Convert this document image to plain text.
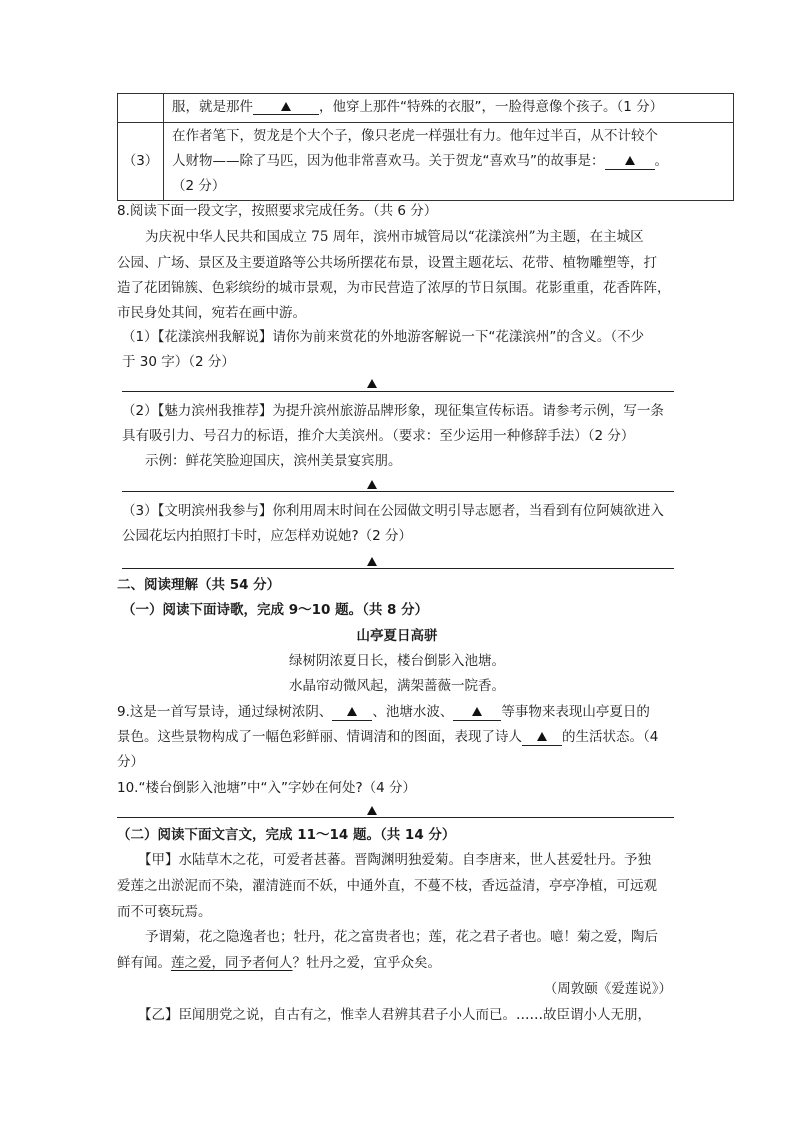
	服，就是那件 ，他穿上那件“特殊的衣服”，一脸得意像个孩子。（1 分）
（3）	在作者笔下，贺龙是个大个子，像只老虎一样强壮有力。他年过半百，从不计较个
人财物——除了马匹，因为他非常喜欢马。关于贺龙“喜欢马”的故事是： 。
（2 分）
8.阅读下面一段文字，按照要求完成任务。（共 6 分）
为庆祝中华人民共和国成立 75 周年，滨州市城管局以“花漾滨州”为主题，在主城区
公园、广场、景区及主要道路等公共场所摆花布景，设置主题花坛、花带、植物雕塑等，打
造了花团锦簇、色彩缤纷的城市景观，为市民营造了浓厚的节日氛围。花影重重，花香阵阵，
市民身处其间，宛若在画中游。
（1）【花漾滨州我解说】请你为前来赏花的外地游客解说一下“花漾滨州”的含义。（不少
于 30 字）（2 分）
（2）【魅力滨州我推荐】为提升滨州旅游品牌形象，现征集宣传标语。请参考示例，写一条
具有吸引力、号召力的标语，推介大美滨州。（要求：至少运用一种修辞手法）（2 分）
示例：鲜花笑脸迎国庆，滨州美景宴宾朋。
（3）【文明滨州我参与】你利用周末时间在公园做文明引导志愿者，当看到有位阿姨欲进入
公园花坛内拍照打卡时，应怎样劝说她?（2 分）
二、阅读理解（共 54 分）
（一）阅读下面诗歌，完成 9～10 题。（共 8 分）
山亭夏日高骈
绿树阴浓夏日长，楼台倒影入池塘。
水晶帘动微风起，满架蔷薇一院香。
9.这是一首写景诗，通过绿树浓阴、	、池塘水波、	等事物来表现山亭夏日的
景色。这些景物构成了一幅色彩鲜丽、情调清和的图面，表现了诗人	的生活状态。（4
分）
10.“楼台倒影入池塘”中“入”字妙在何处?（4 分）
（二）阅读下面文言文，完成 11～14 题。（共 14 分）
【甲】水陆草木之花，可爱者甚蕃。晋陶渊明独爱菊。自李唐来，世人甚爱牡丹。予独
爱莲之出淤泥而不染，濯清涟而不妖，中通外直，不蔓不枝，香远益清，亭亭净植，可远观
而不可亵玩焉。
予谓菊，花之隐逸者也；牡丹，花之富贵者也；莲，花之君子者也。噫！菊之爱，陶后
鲜有闻。莲之爱，同予者何人？牡丹之爱，宜乎众矣。
（周敦颐《爱莲说》）
【乙】臣闻朋党之说，自古有之，惟幸人君辨其君子小人而已。……故臣谓小人无朋，
